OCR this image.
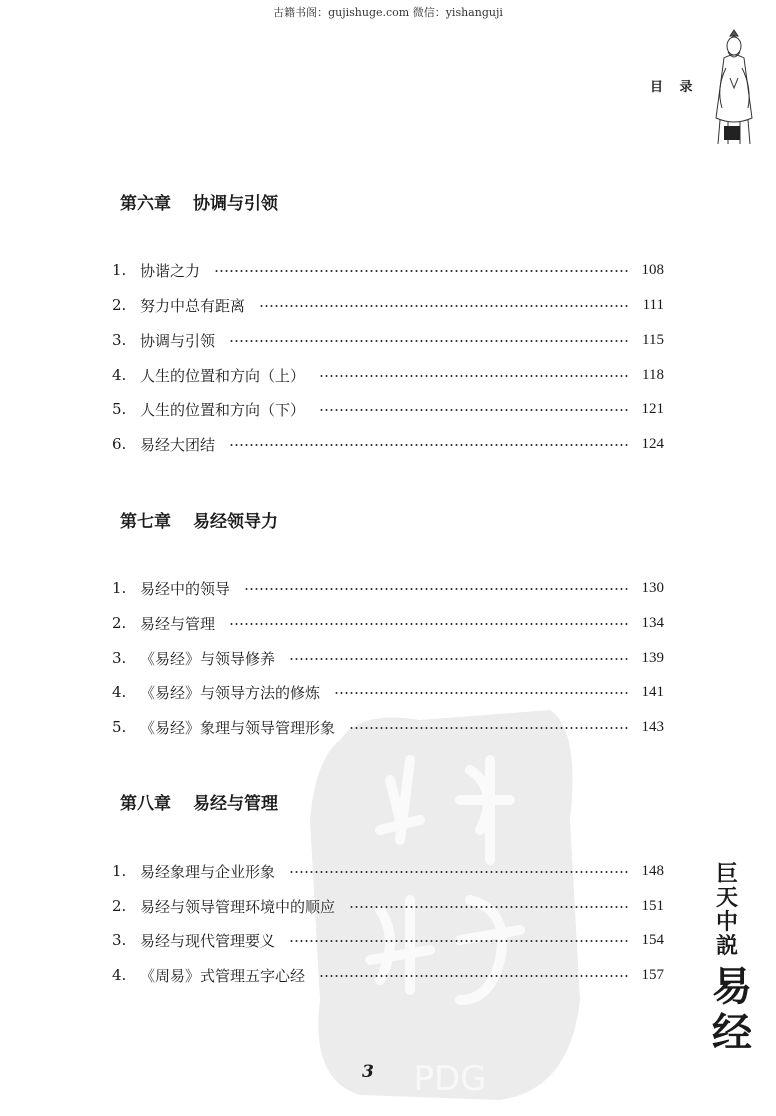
古籍书阁：gujishuge.com 微信：yishanguji
目 录
PDG
第六章 协调与引领
1. 协谐之力	108
2. 努力中总有距离	111
3. 协调与引领	115
4. 人生的位置和方向（上）	118
5. 人生的位置和方向（下）	121
6. 易经大团结	124
第七章 易经领导力
1. 易经中的领导	130
2. 易经与管理	134
3. 《易经》与领导修养	139
4. 《易经》与领导方法的修炼	141
5. 《易经》象理与领导管理形象	143
第八章 易经与管理
1. 易经象理与企业形象	148
2. 易经与领导管理环境中的顺应	151
3. 易经与现代管理要义	154
4. 《周易》式管理五字心经	157
巨天中説
易经
3
